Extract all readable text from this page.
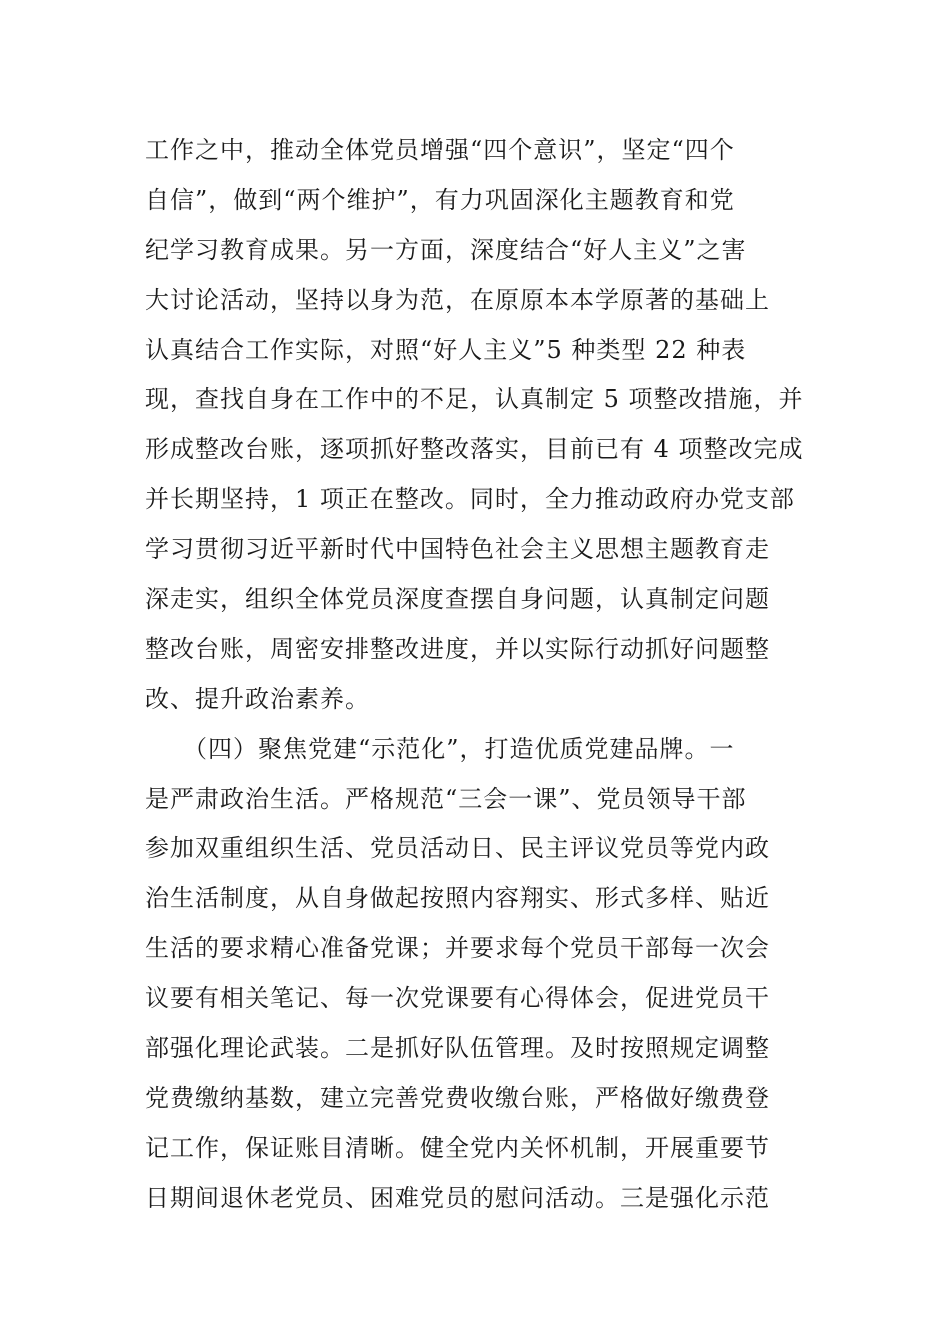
工作之中，推动全体党员增强“四个意识”，坚定“四个
自信”，做到“两个维护”，有力巩固深化主题教育和党
纪学习教育成果。另一方面，深度结合“好人主义”之害
大讨论活动，坚持以身为范，在原原本本学原著的基础上
认真结合工作实际，对照“好人主义”5 种类型 22 种表
现，查找自身在工作中的不足，认真制定 5 项整改措施，并
形成整改台账，逐项抓好整改落实，目前已有 4 项整改完成
并长期坚持，1 项正在整改。同时，全力推动政府办党支部
学习贯彻习近平新时代中国特色社会主义思想主题教育走
深走实，组织全体党员深度查摆自身问题，认真制定问题
整改台账，周密安排整改进度，并以实际行动抓好问题整
改、提升政治素养。
　　（四）聚焦党建“示范化”，打造优质党建品牌。一
是严肃政治生活。严格规范“三会一课”、党员领导干部
参加双重组织生活、党员活动日、民主评议党员等党内政
治生活制度，从自身做起按照内容翔实、形式多样、贴近
生活的要求精心准备党课；并要求每个党员干部每一次会
议要有相关笔记、每一次党课要有心得体会，促进党员干
部强化理论武装。二是抓好队伍管理。及时按照规定调整
党费缴纳基数，建立完善党费收缴台账，严格做好缴费登
记工作，保证账目清晰。健全党内关怀机制，开展重要节
日期间退休老党员、困难党员的慰问活动。三是强化示范
